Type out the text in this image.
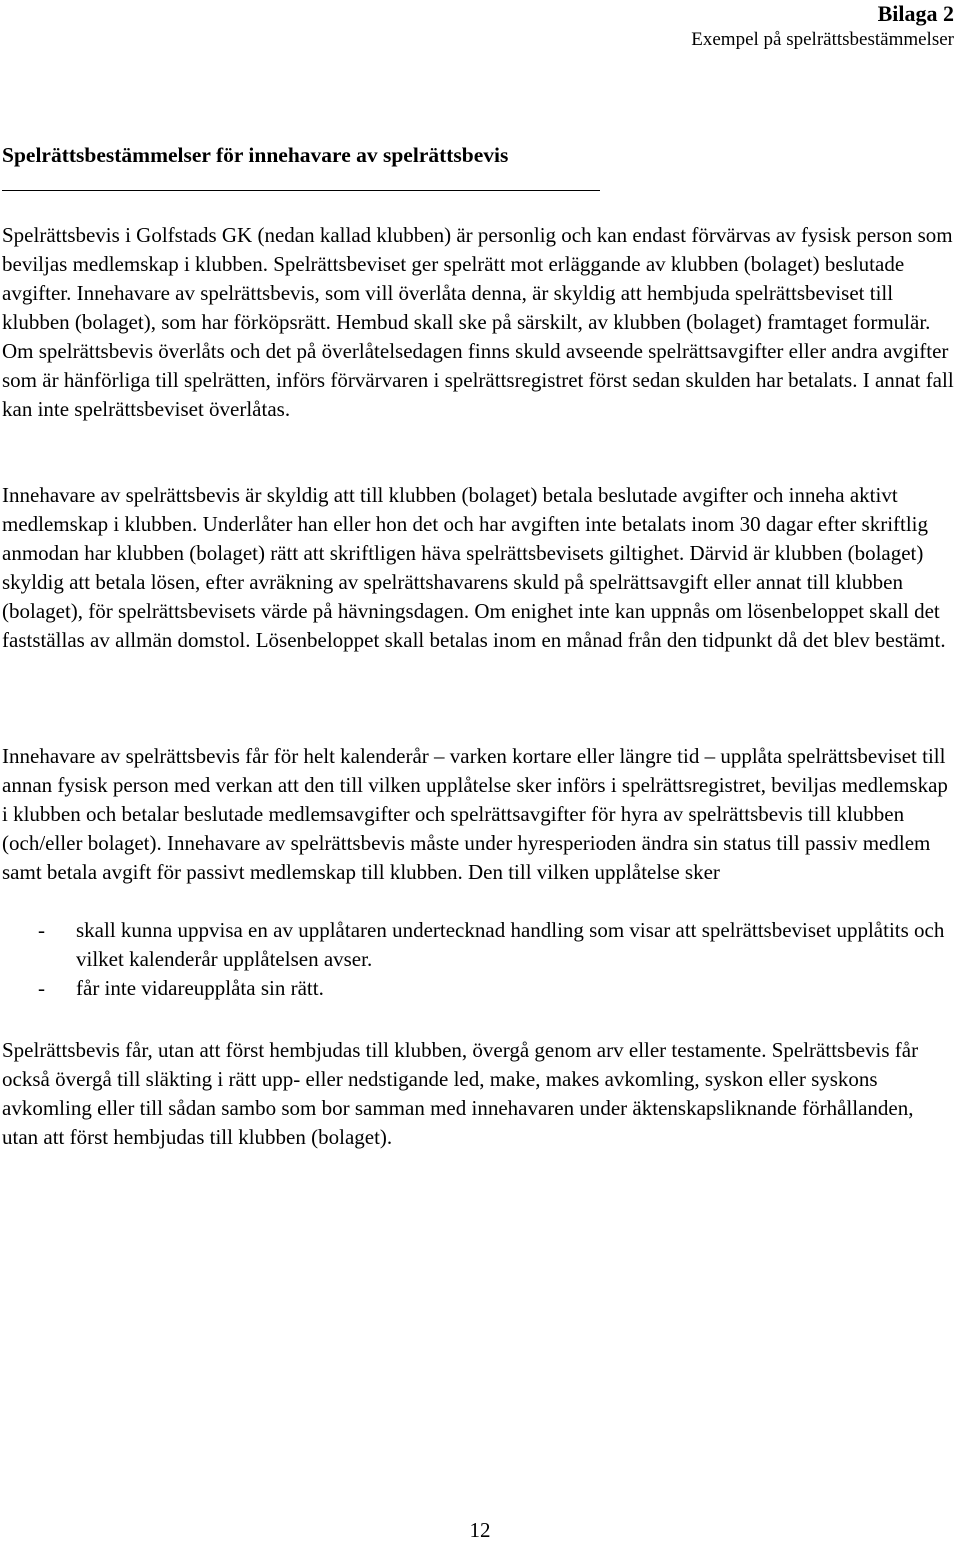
Bilaga 2
Exempel på spelrättsbestämmelser
Spelrättsbestämmelser för innehavare av spelrättsbevis

Spelrättsbevis i Golfstads GK (nedan kallad klubben) är personlig och kan endast förvärvas av fysisk person som beviljas medlemskap i klubben. Spelrättsbeviset ger spelrätt mot erläggande av klubben (bolaget) beslutade avgifter. Innehavare av spelrättsbevis, som vill överlåta denna, är skyldig att hembjuda spelrättsbeviset till klubben (bolaget), som har förköpsrätt. Hembud skall ske på särskilt, av klubben (bolaget) framtaget formulär. Om spelrättsbevis överlåts och det på överlåtelsedagen finns skuld avseende spelrättsavgifter eller andra avgifter som är hänförliga till spelrätten, införs förvärvaren i spelrättsregistret först sedan skulden har betalats. I annat fall kan inte spelrättsbeviset överlåtas.

Innehavare av spelrättsbevis är skyldig att till klubben (bolaget) betala beslutade avgifter och inneha aktivt medlemskap i klubben. Underlåter han eller hon det och har avgiften inte betalats inom 30 dagar efter skriftlig anmodan har klubben (bolaget) rätt att skriftligen häva spelrättsbevisets giltighet. Därvid är klubben (bolaget) skyldig att betala lösen, efter avräkning av spelrättshavarens skuld på spelrättsavgift eller annat till klubben (bolaget), för spelrättsbevisets värde på hävningsdagen. Om enighet inte kan uppnås om lösenbeloppet skall det fastställas av allmän domstol. Lösenbeloppet skall betalas inom en månad från den tidpunkt då det blev bestämt.

Innehavare av spelrättsbevis får för helt kalenderår – varken kortare eller längre tid – upplåta spelrättsbeviset till annan fysisk person med verkan att den till vilken upplåtelse sker införs i spelrättsregistret, beviljas medlemskap i klubben och betalar beslutade medlemsavgifter och spelrättsavgifter för hyra av spelrättsbevis till klubben (och/eller bolaget). Innehavare av spelrättsbevis måste under hyresperioden ändra sin status till passiv medlem samt betala avgift för passivt medlemskap till klubben. Den till vilken upplåtelse sker

-	skall kunna uppvisa en av upplåtaren undertecknad handling som visar att spelrättsbeviset upplåtits och vilket kalenderår upplåtelsen avser.
-	får inte vidareupplåta sin rätt.

Spelrättsbevis får, utan att först hembjudas till klubben, övergå genom arv eller testamente. Spelrättsbevis får också övergå till släkting i rätt upp- eller nedstigande led, make, makes avkomling, syskon eller syskons avkomling eller till sådan sambo som bor samman med innehavaren under äktenskapsliknande förhållanden, utan att först hembjudas till klubben (bolaget).

12
